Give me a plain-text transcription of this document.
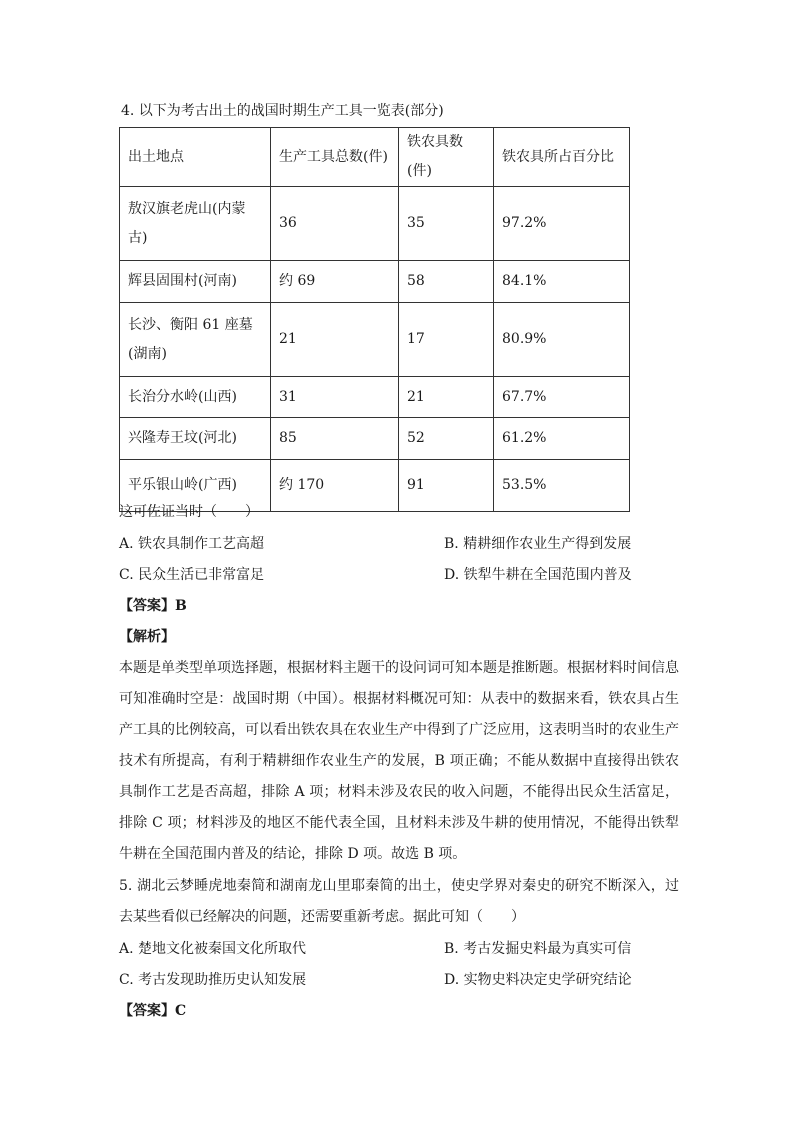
4. 以下为考古出土的战国时期生产工具一览表(部分)
出土地点	生产工具总数(件)	铁农具数(件)	铁农具所占百分比
敖汉旗老虎山(内蒙古)	36	35	97.2%
辉县固围村(河南)	约 69	58	84.1%
长沙、衡阳 61 座墓(湖南)	21	17	80.9%
长治分水岭(山西)	31	21	67.7%
兴隆寿王坟(河北)	85	52	61.2%
平乐银山岭(广西)	约 170	91	53.5%
这可佐证当时（　　）
A. 铁农具制作工艺高超	B. 精耕细作农业生产得到发展
C. 民众生活已非常富足	D. 铁犁牛耕在全国范围内普及
【答案】B
【解析】
本题是单类型单项选择题，根据材料主题干的设问词可知本题是推断题。根据材料时间信息可知准确时空是：战国时期（中国）。根据材料概况可知：从表中的数据来看，铁农具占生产工具的比例较高，可以看出铁农具在农业生产中得到了广泛应用，这表明当时的农业生产技术有所提高，有利于精耕细作农业生产的发展，B 项正确；不能从数据中直接得出铁农具制作工艺是否高超，排除 A 项；材料未涉及农民的收入问题，不能得出民众生活富足，排除 C 项；材料涉及的地区不能代表全国，且材料未涉及牛耕的使用情况，不能得出铁犁牛耕在全国范围内普及的结论，排除 D 项。故选 B 项。
5. 湖北云梦睡虎地秦简和湖南龙山里耶秦简的出土，使史学界对秦史的研究不断深入，过去某些看似已经解决的问题，还需要重新考虑。据此可知（　　）
A. 楚地文化被秦国文化所取代	B. 考古发掘史料最为真实可信
C. 考古发现助推历史认知发展	D. 实物史料决定史学研究结论
【答案】C
